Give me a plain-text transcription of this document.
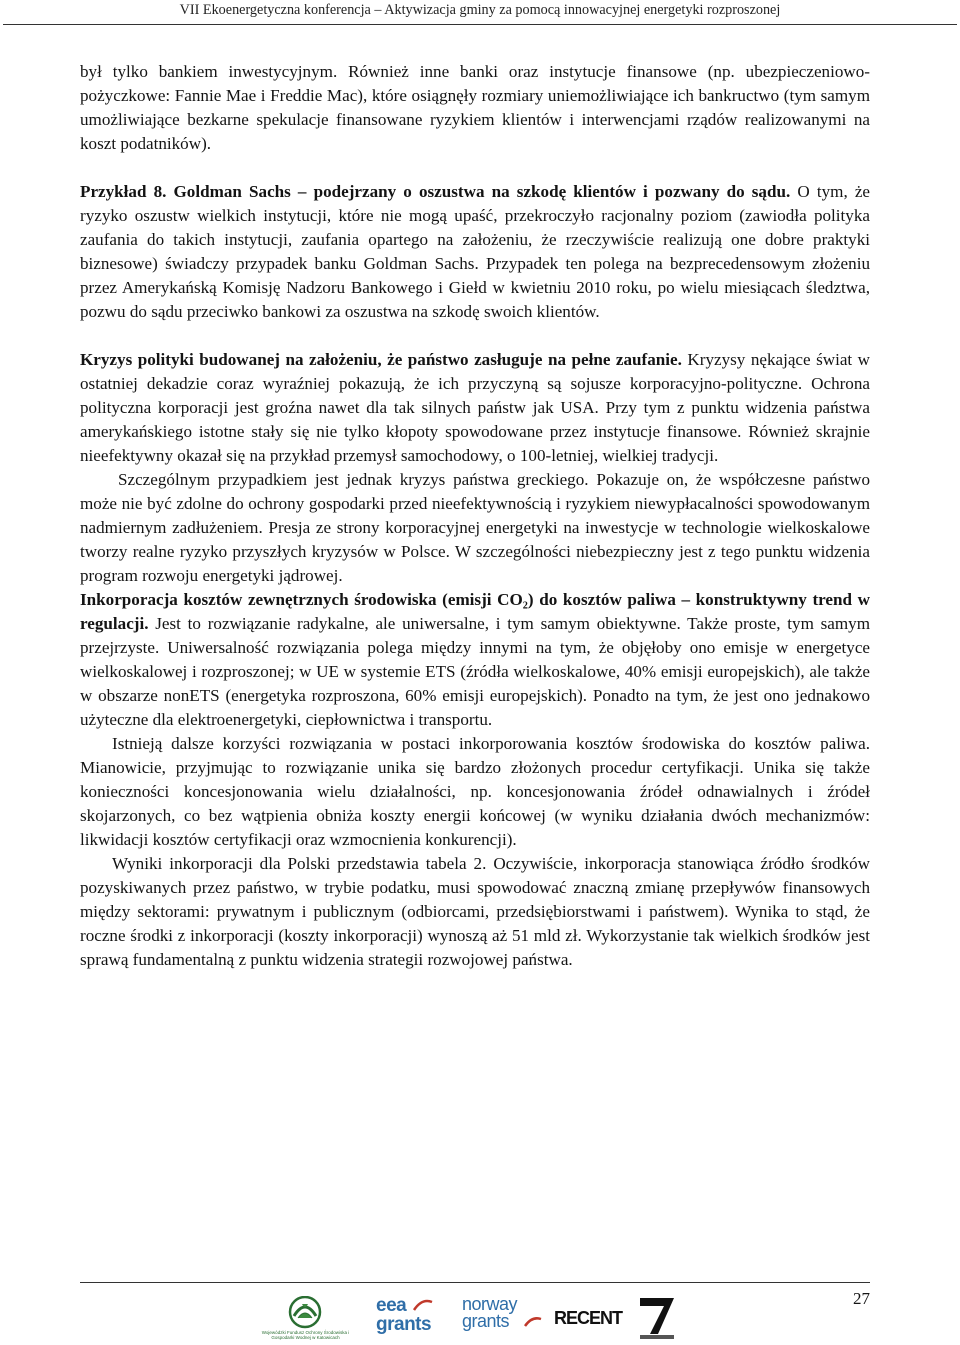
VII Ekoenergetyczna konferencja – Aktywizacja gminy za pomocą innowacyjnej energetyki rozproszonej

był tylko bankiem inwestycyjnym. Również inne banki oraz instytucje finansowe (np. ubezpieczeniowo-pożyczkowe: Fannie Mae i Freddie Mac), które osiągnęły rozmiary uniemożliwiające ich bankructwo (tym samym umożliwiające bezkarne spekulacje finansowane ryzykiem klientów i interwencjami rządów realizowanymi na koszt podatników).

Przykład 8. Goldman Sachs – podejrzany o oszustwa na szkodę klientów i pozwany do sądu. O tym, że ryzyko oszustw wielkich instytucji, które nie mogą upaść, przekroczyło racjonalny poziom (zawiodła polityka zaufania do takich instytucji, zaufania opartego na założeniu, że rzeczywiście realizują one dobre praktyki biznesowe) świadczy przypadek banku Goldman Sachs. Przypadek ten polega na bezprecedensowym złożeniu przez Amerykańską Komisję Nadzoru Bankowego i Giełd w kwietniu 2010 roku, po wielu miesiącach śledztwa, pozwu do sądu przeciwko bankowi za oszustwa na szkodę swoich klientów.

Kryzys polityki budowanej na założeniu, że państwo zasługuje na pełne zaufanie. Kryzysy nękające świat w ostatniej dekadzie coraz wyraźniej pokazują, że ich przyczyną są sojusze korporacyjno-polityczne. Ochrona polityczna korporacji jest groźna nawet dla tak silnych państw jak USA. Przy tym z punktu widzenia państwa amerykańskiego istotne stały się nie tylko kłopoty spowodowane przez instytucje finansowe. Również skrajnie nieefektywny okazał się na przykład przemysł samochodowy, o 100-letniej, wielkiej tradycji.

Szczególnym przypadkiem jest jednak kryzys państwa greckiego. Pokazuje on, że współczesne państwo może nie być zdolne do ochrony gospodarki przed nieefektywnością i ryzykiem niewypłacalności spowodowanym nadmiernym zadłużeniem. Presja ze strony korporacyjnej energetyki na inwestycje w technologie wielkoskalowe tworzy realne ryzyko przyszłych kryzysów w Polsce. W szczególności niebezpieczny jest z tego punktu widzenia program rozwoju energetyki jądrowej.

Inkorporacja kosztów zewnętrznych środowiska (emisji CO₂) do kosztów paliwa – konstruktywny trend w regulacji. Jest to rozwiązanie radykalne, ale uniwersalne, i tym samym obiektywne. Także proste, tym samym przejrzyste. Uniwersalność rozwiązania polega między innymi na tym, że objęłoby ono emisje w energetyce wielkoskalowej i rozproszonej; w UE w systemie ETS (źródła wielkoskalowe, 40% emisji europejskich), ale także w obszarze nonETS (energetyka rozproszona, 60% emisji europejskich). Ponadto na tym, że jest ono jednakowo użyteczne dla elektroenergetyki, ciepłownictwa i transportu.

Istnieją dalsze korzyści rozwiązania w postaci inkorporowania kosztów środowiska do kosztów paliwa. Mianowicie, przyjmując to rozwiązanie unika się bardzo złożonych procedur certyfikacji. Unika się także konieczności koncesjonowania wielu działalności, np. koncesjonowania źródeł odnawialnych i źródeł skojarzonych, co bez wątpienia obniża koszty energii końcowej (w wyniku działania dwóch mechanizmów: likwidacji kosztów certyfikacji oraz wzmocnienia konkurencji).

Wyniki inkorporacji dla Polski przedstawia tabela 2. Oczywiście, inkorporacja stanowiąca źródło środków pozyskiwanych przez państwo, w trybie podatku, musi spowodować znaczną zmianę przepływów finansowych między sektorami: prywatnym i publicznym (odbiorcami, przedsiębiorstwami i państwem). Wynika to stąd, że roczne środki z inkorporacji (koszty inkorporacji) wynoszą aż 51 mld zł. Wykorzystanie tak wielkich środków jest sprawą fundamentalną z punktu widzenia strategii rozwojowej państwa.

27
Wojewódzki Fundusz Ochrony Środowiska i Gospodarki Wodnej w Katowicach
eea grants
norway grants	RECENT
